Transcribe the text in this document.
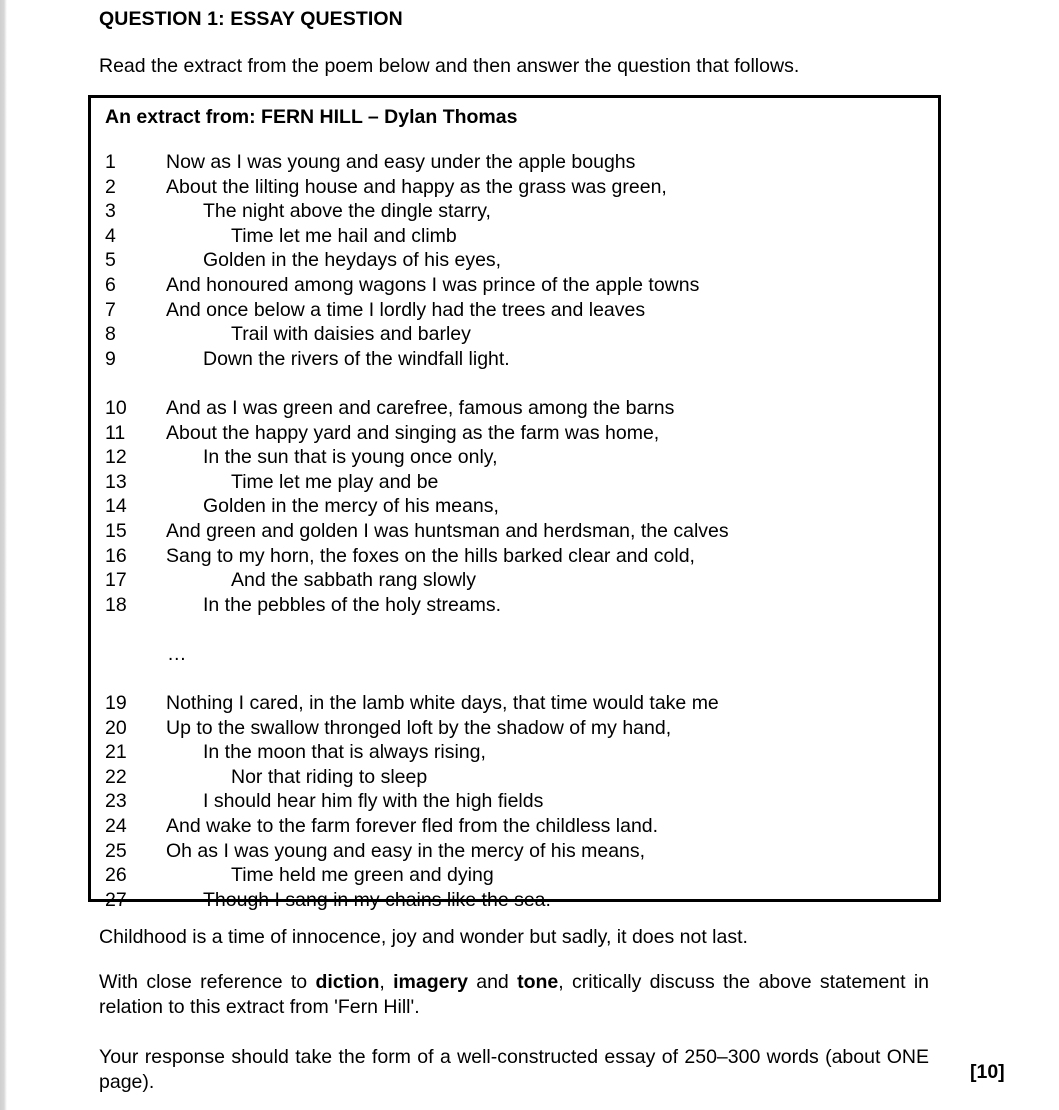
QUESTION 1: ESSAY QUESTION
Read the extract from the poem below and then answer the question that follows.
An extract from: FERN HILL – Dylan Thomas
1	Now as I was young and easy under the apple boughs
2	About the lilting house and happy as the grass was green,
3	The night above the dingle starry,
4	Time let me hail and climb
5	Golden in the heydays of his eyes,
6	And honoured among wagons I was prince of the apple towns
7	And once below a time I lordly had the trees and leaves
8	Trail with daisies and barley
9	Down the rivers of the windfall light.
10	And as I was green and carefree, famous among the barns
11	About the happy yard and singing as the farm was home,
12	In the sun that is young once only,
13	Time let me play and be
14	Golden in the mercy of his means,
15	And green and golden I was huntsman and herdsman, the calves
16	Sang to my horn, the foxes on the hills barked clear and cold,
17	And the sabbath rang slowly
18	In the pebbles of the holy streams.
…
19	Nothing I cared, in the lamb white days, that time would take me
20	Up to the swallow thronged loft by the shadow of my hand,
21	In the moon that is always rising,
22	Nor that riding to sleep
23	I should hear him fly with the high fields
24	And wake to the farm forever fled from the childless land.
25	Oh as I was young and easy in the mercy of his means,
26	Time held me green and dying
27	Though I sang in my chains like the sea.
Childhood is a time of innocence, joy and wonder but sadly, it does not last.
With close reference to diction, imagery and tone, critically discuss the above statement in relation to this extract from 'Fern Hill'.
Your response should take the form of a well-constructed essay of 250–300 words (about ONE page).	[10]
